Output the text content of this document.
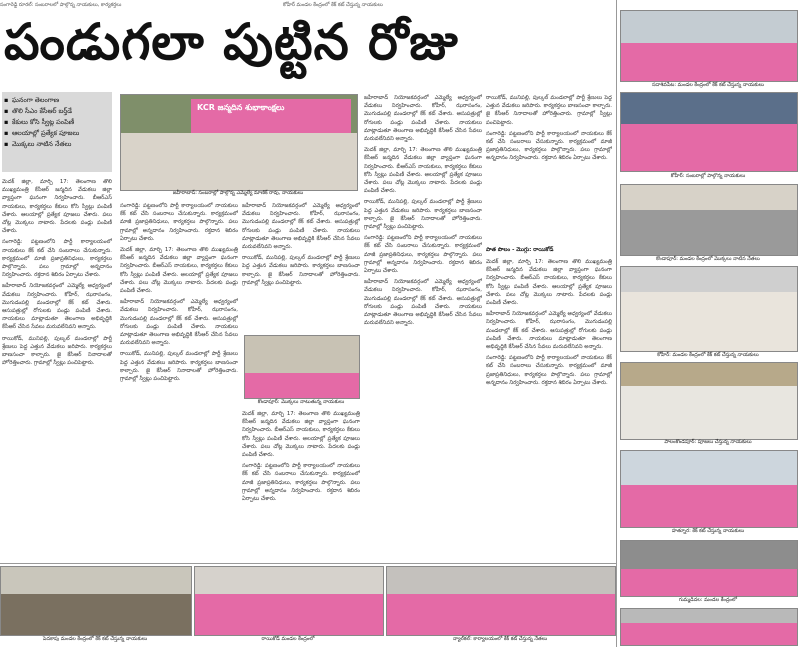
సంగారెడ్డి రూరల్: సంబరాలలో పాల్గొన్న నాయకులు, కార్యకర్తలు	కోహీర్ మండల కేంద్రంలో కేక్ కట్ చేస్తున్న నాయకులు
పండుగలా పుట్టిన రోజు
▪ ఘనంగా తెలంగాణ
▪ తొలి సీఎం కేసీఆర్ బర్త్‌డే
▪ కేకులు కోసి స్వీట్ల పంపిణీ
▪ ఆలయాల్లో ప్రత్యేక పూజలు
▪ మొక్కలు నాటిన నేతలు
KCR జన్మదిన శుభాకాంక్షలు
జహీరాబాద్: సంబరాల్లో పాల్గొన్న ఎమ్మెల్యే మాణిక్ రావు, నాయకులు

మెదక్ జిల్లా, మార్చి 17: తెలంగాణ తొలి ముఖ్యమంత్రి కేసీఆర్ జన్మదిన వేడుకలు జిల్లా వ్యాప్తంగా ఘనంగా నిర్వహించారు. బీఆర్ఎస్ నాయకులు, కార్యకర్తలు కేకులు కోసి స్వీట్లు పంపిణీ చేశారు. ఆలయాల్లో ప్రత్యేక పూజలు చేశారు. పలు చోట్ల మొక్కలు నాటారు. పేదలకు పండ్లు పంపిణీ చేశారు.

సంగారెడ్డి: పట్టణంలోని పార్టీ కార్యాలయంలో నాయకులు కేక్ కట్ చేసి సంబరాలు చేసుకున్నారు. కార్యక్రమంలో మాజీ ప్రజాప్రతినిధులు, కార్యకర్తలు పాల్గొన్నారు. పలు గ్రామాల్లో అన్నదానం నిర్వహించారు. రక్తదాన శిబిరం ఏర్పాటు చేశారు.

జహీరాబాద్ నియోజకవర్గంలో ఎమ్మెల్యే ఆధ్వర్యంలో వేడుకలు నిర్వహించారు. కోహీర్, ఝరాసంగం, మొగుడంపల్లి మండలాల్లో కేక్ కట్ చేశారు. ఆసుపత్రుల్లో రోగులకు పండ్లు పంపిణీ చేశారు. నాయకులు మాట్లాడుతూ తెలంగాణ అభివృద్ధికి కేసీఆర్ చేసిన సేవలు మరువలేనివని అన్నారు.

రాయికోడ్, మునిపల్లి, పుల్కల్ మండలాల్లో పార్టీ శ్రేణులు పెద్ద ఎత్తున వేడుకలు జరిపారు. కార్యకర్తలు బాణసంచా కాల్చారు. జై కేసీఆర్ నినాదాలతో హోరెత్తించారు. గ్రామాల్లో స్వీట్లు పంచిపెట్టారు.

సంగారెడ్డి: పట్టణంలోని పార్టీ కార్యాలయంలో నాయకులు కేక్ కట్ చేసి సంబరాలు చేసుకున్నారు. కార్యక్రమంలో మాజీ ప్రజాప్రతినిధులు, కార్యకర్తలు పాల్గొన్నారు. పలు గ్రామాల్లో అన్నదానం నిర్వహించారు. రక్తదాన శిబిరం ఏర్పాటు చేశారు.

మెదక్ జిల్లా, మార్చి 17: తెలంగాణ తొలి ముఖ్యమంత్రి కేసీఆర్ జన్మదిన వేడుకలు జిల్లా వ్యాప్తంగా ఘనంగా నిర్వహించారు. బీఆర్ఎస్ నాయకులు, కార్యకర్తలు కేకులు కోసి స్వీట్లు పంపిణీ చేశారు. ఆలయాల్లో ప్రత్యేక పూజలు చేశారు. పలు చోట్ల మొక్కలు నాటారు. పేదలకు పండ్లు పంపిణీ చేశారు.

జహీరాబాద్ నియోజకవర్గంలో ఎమ్మెల్యే ఆధ్వర్యంలో వేడుకలు నిర్వహించారు. కోహీర్, ఝరాసంగం, మొగుడంపల్లి మండలాల్లో కేక్ కట్ చేశారు. ఆసుపత్రుల్లో రోగులకు పండ్లు పంపిణీ చేశారు. నాయకులు మాట్లాడుతూ తెలంగాణ అభివృద్ధికి కేసీఆర్ చేసిన సేవలు మరువలేనివని అన్నారు.

రాయికోడ్, మునిపల్లి, పుల్కల్ మండలాల్లో పార్టీ శ్రేణులు పెద్ద ఎత్తున వేడుకలు జరిపారు. కార్యకర్తలు బాణసంచా కాల్చారు. జై కేసీఆర్ నినాదాలతో హోరెత్తించారు. గ్రామాల్లో స్వీట్లు పంచిపెట్టారు.

జహీరాబాద్ నియోజకవర్గంలో ఎమ్మెల్యే ఆధ్వర్యంలో వేడుకలు నిర్వహించారు. కోహీర్, ఝరాసంగం, మొగుడంపల్లి మండలాల్లో కేక్ కట్ చేశారు. ఆసుపత్రుల్లో రోగులకు పండ్లు పంపిణీ చేశారు. నాయకులు మాట్లాడుతూ తెలంగాణ అభివృద్ధికి కేసీఆర్ చేసిన సేవలు మరువలేనివని అన్నారు.

రాయికోడ్, మునిపల్లి, పుల్కల్ మండలాల్లో పార్టీ శ్రేణులు పెద్ద ఎత్తున వేడుకలు జరిపారు. కార్యకర్తలు బాణసంచా కాల్చారు. జై కేసీఆర్ నినాదాలతో హోరెత్తించారు. గ్రామాల్లో స్వీట్లు పంచిపెట్టారు.

కొండాపూర్: మొక్కలు నాటుతున్న నాయకులు

మెదక్ జిల్లా, మార్చి 17: తెలంగాణ తొలి ముఖ్యమంత్రి కేసీఆర్ జన్మదిన వేడుకలు జిల్లా వ్యాప్తంగా ఘనంగా నిర్వహించారు. బీఆర్ఎస్ నాయకులు, కార్యకర్తలు కేకులు కోసి స్వీట్లు పంపిణీ చేశారు. ఆలయాల్లో ప్రత్యేక పూజలు చేశారు. పలు చోట్ల మొక్కలు నాటారు. పేదలకు పండ్లు పంపిణీ చేశారు.

సంగారెడ్డి: పట్టణంలోని పార్టీ కార్యాలయంలో నాయకులు కేక్ కట్ చేసి సంబరాలు చేసుకున్నారు. కార్యక్రమంలో మాజీ ప్రజాప్రతినిధులు, కార్యకర్తలు పాల్గొన్నారు. పలు గ్రామాల్లో అన్నదానం నిర్వహించారు. రక్తదాన శిబిరం ఏర్పాటు చేశారు.

జహీరాబాద్ నియోజకవర్గంలో ఎమ్మెల్యే ఆధ్వర్యంలో వేడుకలు నిర్వహించారు. కోహీర్, ఝరాసంగం, మొగుడంపల్లి మండలాల్లో కేక్ కట్ చేశారు. ఆసుపత్రుల్లో రోగులకు పండ్లు పంపిణీ చేశారు. నాయకులు మాట్లాడుతూ తెలంగాణ అభివృద్ధికి కేసీఆర్ చేసిన సేవలు మరువలేనివని అన్నారు.

మెదక్ జిల్లా, మార్చి 17: తెలంగాణ తొలి ముఖ్యమంత్రి కేసీఆర్ జన్మదిన వేడుకలు జిల్లా వ్యాప్తంగా ఘనంగా నిర్వహించారు. బీఆర్ఎస్ నాయకులు, కార్యకర్తలు కేకులు కోసి స్వీట్లు పంపిణీ చేశారు. ఆలయాల్లో ప్రత్యేక పూజలు చేశారు. పలు చోట్ల మొక్కలు నాటారు. పేదలకు పండ్లు పంపిణీ చేశారు.

రాయికోడ్, మునిపల్లి, పుల్కల్ మండలాల్లో పార్టీ శ్రేణులు పెద్ద ఎత్తున వేడుకలు జరిపారు. కార్యకర్తలు బాణసంచా కాల్చారు. జై కేసీఆర్ నినాదాలతో హోరెత్తించారు. గ్రామాల్లో స్వీట్లు పంచిపెట్టారు.

సంగారెడ్డి: పట్టణంలోని పార్టీ కార్యాలయంలో నాయకులు కేక్ కట్ చేసి సంబరాలు చేసుకున్నారు. కార్యక్రమంలో మాజీ ప్రజాప్రతినిధులు, కార్యకర్తలు పాల్గొన్నారు. పలు గ్రామాల్లో అన్నదానం నిర్వహించారు. రక్తదాన శిబిరం ఏర్పాటు చేశారు.

జహీరాబాద్ నియోజకవర్గంలో ఎమ్మెల్యే ఆధ్వర్యంలో వేడుకలు నిర్వహించారు. కోహీర్, ఝరాసంగం, మొగుడంపల్లి మండలాల్లో కేక్ కట్ చేశారు. ఆసుపత్రుల్లో రోగులకు పండ్లు పంపిణీ చేశారు. నాయకులు మాట్లాడుతూ తెలంగాణ అభివృద్ధికి కేసీఆర్ చేసిన సేవలు మరువలేనివని అన్నారు.

రాయికోడ్, మునిపల్లి, పుల్కల్ మండలాల్లో పార్టీ శ్రేణులు పెద్ద ఎత్తున వేడుకలు జరిపారు. కార్యకర్తలు బాణసంచా కాల్చారు. జై కేసీఆర్ నినాదాలతో హోరెత్తించారు. గ్రామాల్లో స్వీట్లు పంచిపెట్టారు.

సంగారెడ్డి: పట్టణంలోని పార్టీ కార్యాలయంలో నాయకులు కేక్ కట్ చేసి సంబరాలు చేసుకున్నారు. కార్యక్రమంలో మాజీ ప్రజాప్రతినిధులు, కార్యకర్తలు పాల్గొన్నారు. పలు గ్రామాల్లో అన్నదానం నిర్వహించారు. రక్తదాన శిబిరం ఏర్పాటు చేశారు.

పాత పొలం - మొగ్గు: రాయికోడ్

మెదక్ జిల్లా, మార్చి 17: తెలంగాణ తొలి ముఖ్యమంత్రి కేసీఆర్ జన్మదిన వేడుకలు జిల్లా వ్యాప్తంగా ఘనంగా నిర్వహించారు. బీఆర్ఎస్ నాయకులు, కార్యకర్తలు కేకులు కోసి స్వీట్లు పంపిణీ చేశారు. ఆలయాల్లో ప్రత్యేక పూజలు చేశారు. పలు చోట్ల మొక్కలు నాటారు. పేదలకు పండ్లు పంపిణీ చేశారు.

జహీరాబాద్ నియోజకవర్గంలో ఎమ్మెల్యే ఆధ్వర్యంలో వేడుకలు నిర్వహించారు. కోహీర్, ఝరాసంగం, మొగుడంపల్లి మండలాల్లో కేక్ కట్ చేశారు. ఆసుపత్రుల్లో రోగులకు పండ్లు పంపిణీ చేశారు. నాయకులు మాట్లాడుతూ తెలంగాణ అభివృద్ధికి కేసీఆర్ చేసిన సేవలు మరువలేనివని అన్నారు.

సంగారెడ్డి: పట్టణంలోని పార్టీ కార్యాలయంలో నాయకులు కేక్ కట్ చేసి సంబరాలు చేసుకున్నారు. కార్యక్రమంలో మాజీ ప్రజాప్రతినిధులు, కార్యకర్తలు పాల్గొన్నారు. పలు గ్రామాల్లో అన్నదానం నిర్వహించారు. రక్తదాన శిబిరం ఏర్పాటు చేశారు.

సదాశివపేట: మండల కేంద్రంలో కేక్ కట్ చేస్తున్న నాయకులు
కోహీర్: సంబరాల్లో పాల్గొన్న నాయకులు
కొండాపూర్: మండల కేంద్రంలో మొక్కలు నాటిన నేతలు
కోహీర్: మండల కేంద్రంలో కేక్ కట్ చేస్తున్న నాయకులు
పాలంకొండపూర్: పూజలు చేస్తున్న నాయకులు
హత్నూర: కేక్ కట్ చేస్తున్న నాయకులు
గుమ్మడిదల: మండల కేంద్రంలో
పెదకాపు మండల కేంద్రంలో కేక్ కట్ చేస్తున్న నాయకులు	రాయికోడ్ మండల కేంద్రంలో	న్యాల్‌కల్: కార్యాలయంలో కేక్ కట్ చేస్తున్న నేతలు
